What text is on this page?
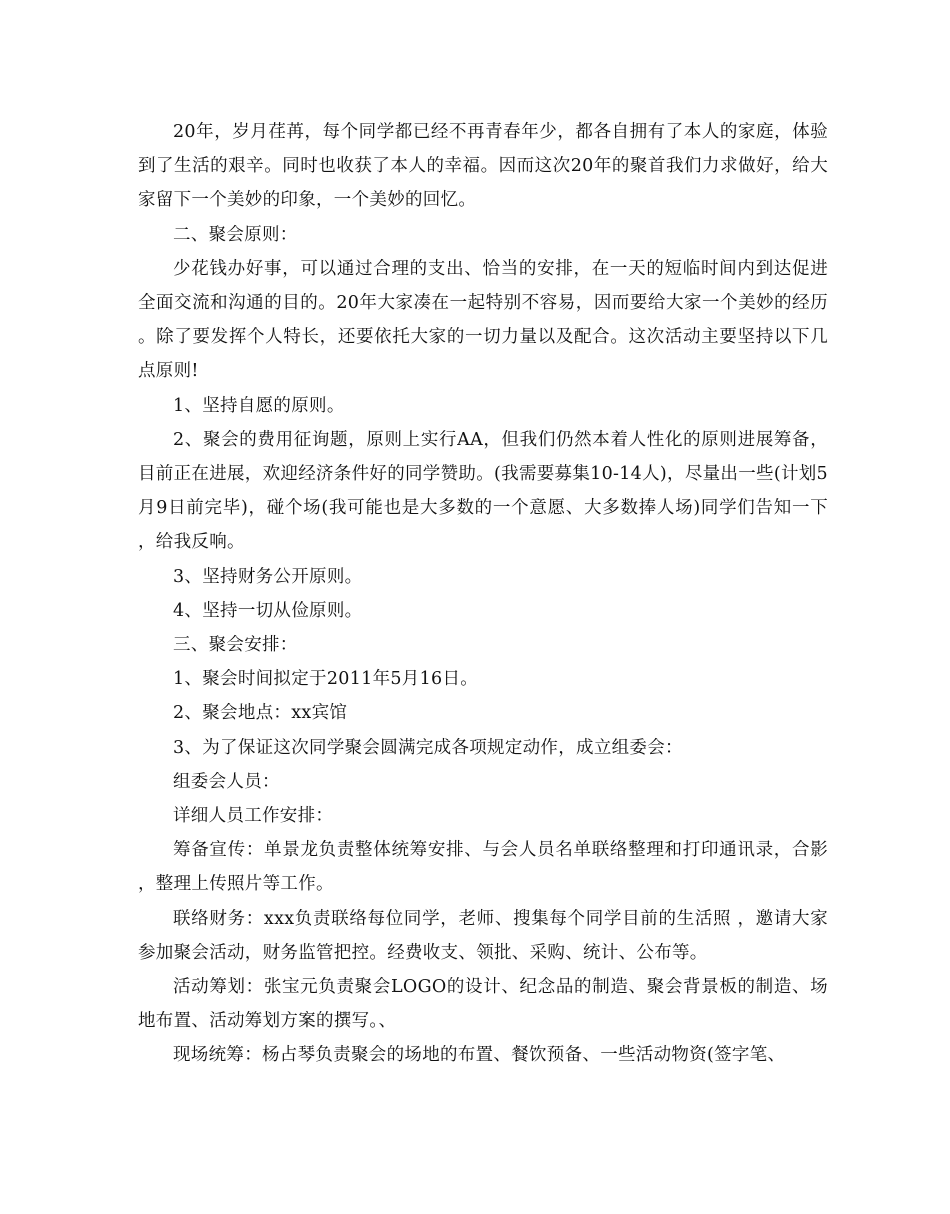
20年，岁月荏苒，每个同学都已经不再青春年少，都各自拥有了本人的家庭，体验到了生活的艰辛。同时也收获了本人的幸福。因而这次20年的聚首我们力求做好，给大家留下一个美妙的印象，一个美妙的回忆。

二、聚会原则：

少花钱办好事，可以通过合理的支出、恰当的安排，在一天的短临时间内到达促进全面交流和沟通的目的。20年大家凑在一起特别不容易，因而要给大家一个美妙的经历。除了要发挥个人特长，还要依托大家的一切力量以及配合。这次活动主要坚持以下几点原则!

1、坚持自愿的原则。

2、聚会的费用征询题，原则上实行AA，但我们仍然本着人性化的原则进展筹备，目前正在进展，欢迎经济条件好的同学赞助。(我需要募集10-14人)，尽量出一些(计划5月9日前完毕)，碰个场(我可能也是大多数的一个意愿、大多数捧人场)同学们告知一下，给我反响。

3、坚持财务公开原则。

4、坚持一切从俭原则。

三、聚会安排：

1、聚会时间拟定于2011年5月16日。

2、聚会地点：xx宾馆

3、为了保证这次同学聚会圆满完成各项规定动作，成立组委会：

组委会人员：

详细人员工作安排：

筹备宣传：单景龙负责整体统筹安排、与会人员名单联络整理和打印通讯录，合影，整理上传照片等工作。

联络财务：xxx负责联络每位同学，老师、搜集每个同学目前的生活照 ，邀请大家参加聚会活动，财务监管把控。经费收支、领批、采购、统计、公布等。

活动筹划：张宝元负责聚会LOGO的设计、纪念品的制造、聚会背景板的制造、场地布置、活动筹划方案的撰写。、

现场统筹：杨占琴负责聚会的场地的布置、餐饮预备、一些活动物资(签字笔、
